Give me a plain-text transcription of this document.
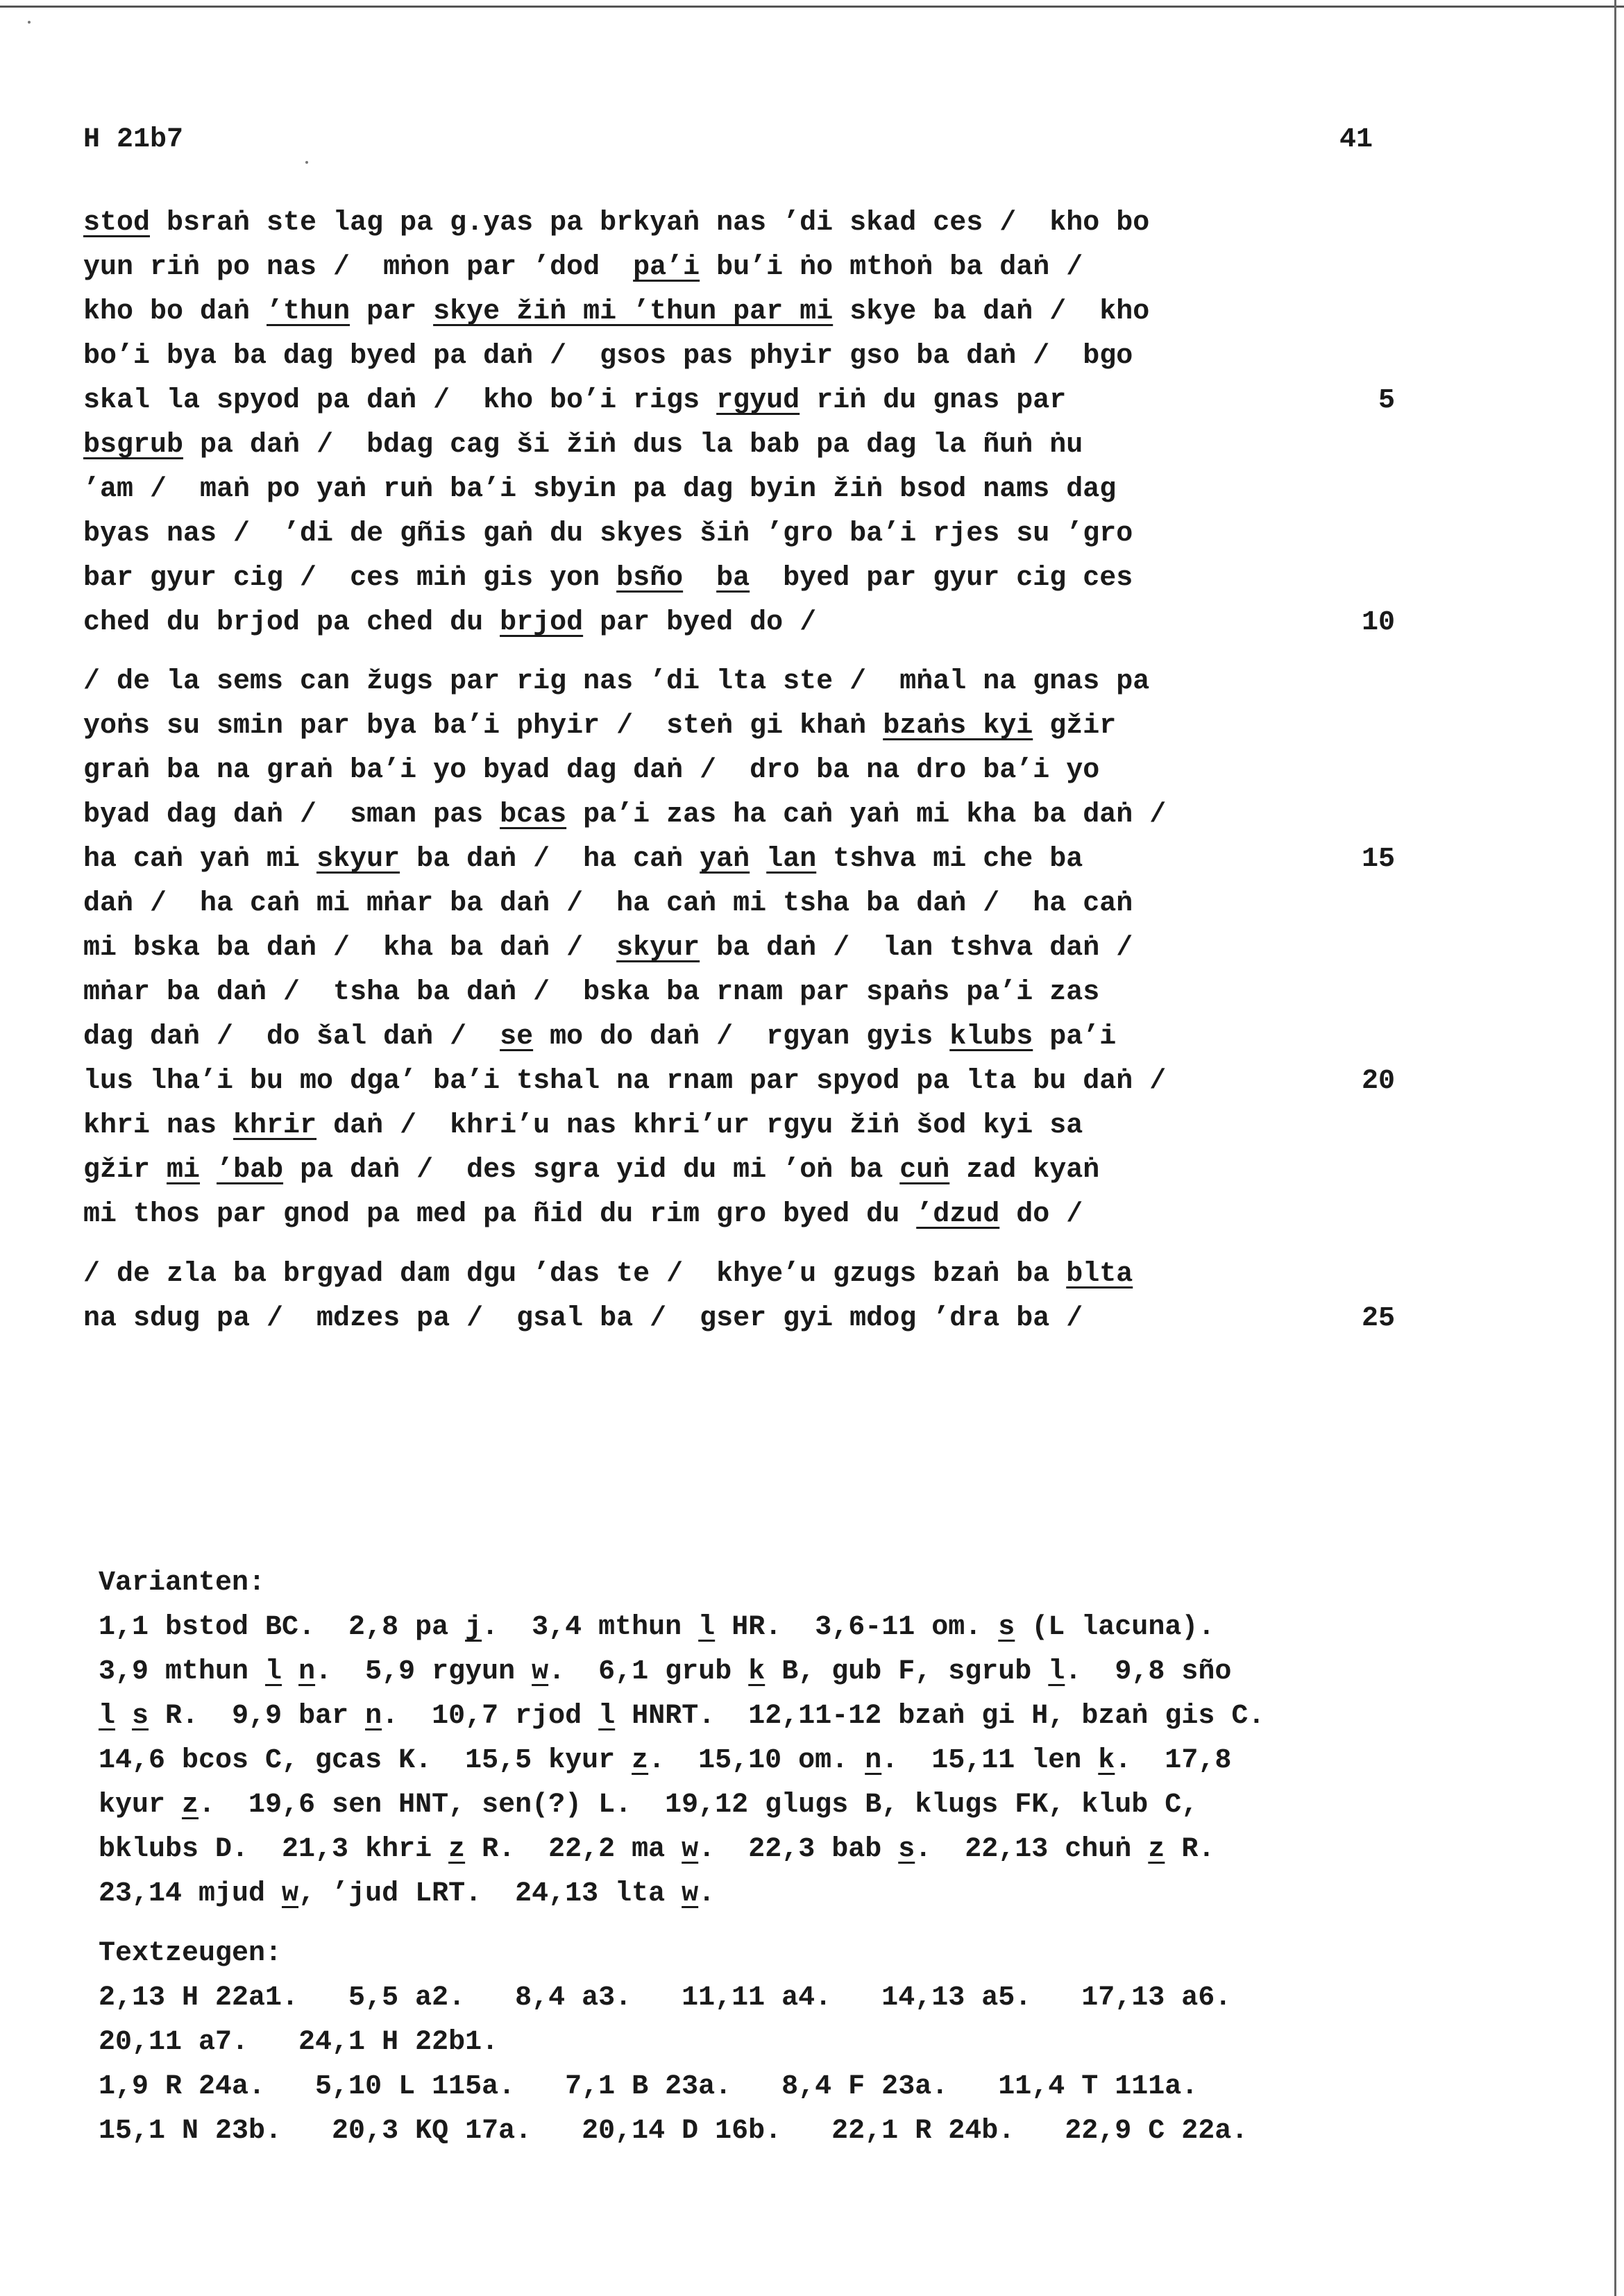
H 21b7	41
stod bsraṅ ste lag pa g.yas pa brkyaṅ nas ’di skad ces /  kho bo
yun riṅ po nas /  mṅon par ’dod  pa’i bu’i ṅo mthoṅ ba daṅ /
kho bo daṅ ’thun par skye žiṅ mi ’thun par mi skye ba daṅ /  kho
bo’i bya ba dag byed pa daṅ /  gsos pas phyir gso ba daṅ /  bgo
skal la spyod pa daṅ /  kho bo’i rigs rgyud riṅ du gnas par
bsgrub pa daṅ /  bdag cag ši žiṅ dus la bab pa dag la ñuṅ ṅu
’am /  maṅ po yaṅ ruṅ ba’i sbyin pa dag byin žiṅ bsod nams dag
byas nas /  ’di de gñis gaṅ du skyes šiṅ ’gro ba’i rjes su ’gro
bar gyur cig /  ces miṅ gis yon bsño ba  byed par gyur cig ces
ched du brjod pa ched du brjod par byed do /
/ de la sems can žugs par rig nas ’di lta ste /  mṅal na gnas pa
yoṅs su smin par bya ba’i phyir /  steṅ gi khaṅ bzaṅs kyi gžir
graṅ ba na graṅ ba’i yo byad dag daṅ /  dro ba na dro ba’i yo
byad dag daṅ /  sman pas bcas pa’i zas ha caṅ yaṅ mi kha ba daṅ /
ha caṅ yaṅ mi skyur ba daṅ /  ha caṅ yaṅ lan tshva mi che ba
daṅ /  ha caṅ mi mṅar ba daṅ /  ha caṅ mi tsha ba daṅ /  ha caṅ
mi bska ba daṅ /  kha ba daṅ /  skyur ba daṅ /  lan tshva daṅ /
mṅar ba daṅ /  tsha ba daṅ /  bska ba rnam par spaṅs pa’i zas
dag daṅ /  do šal daṅ /  se mo do daṅ /  rgyan gyis klubs pa’i
lus lha’i bu mo dga’ ba’i tshal na rnam par spyod pa lta bu daṅ /
khri nas khrir daṅ /  khri’u nas khri’ur rgyu žiṅ šod kyi sa
gžir mi ’bab pa daṅ /  des sgra yid du mi ’oṅ ba cuṅ zad kyaṅ
mi thos par gnod pa med pa ñid du rim gro byed du ’dzud do /
/ de zla ba brgyad dam dgu ’das te /  khye’u gzugs bzaṅ ba blta
na sdug pa /  mdzes pa /  gsal ba /  gser gyi mdog ’dra ba /
5
10
15
20
25
Varianten:
1,1 bstod BC.  2,8 pa j.  3,4 mthun l HR.  3,6-11 om. s (L lacuna).
3,9 mthun l n.  5,9 rgyun w.  6,1 grub k B, gub F, sgrub l.  9,8 sño
l s R.  9,9 bar n.  10,7 rjod l HNRT.  12,11-12 bzaṅ gi H, bzaṅ gis C.
14,6 bcos C, gcas K.  15,5 kyur z.  15,10 om. n.  15,11 len k.  17,8
kyur z.  19,6 sen HNT, sen(?) L.  19,12 glugs B, klugs FK, klub C,
bklubs D.  21,3 khri z R.  22,2 ma w.  22,3 bab s.  22,13 chuṅ z R.
23,14 mjud w, ’jud LRT.  24,13 lta w.
Textzeugen:
2,13 H 22a1.   5,5 a2.   8,4 a3.   11,11 a4.   14,13 a5.   17,13 a6.
20,11 a7.   24,1 H 22b1.
1,9 R 24a.   5,10 L 115a.   7,1 B 23a.   8,4 F 23a.   11,4 T 111a.
15,1 N 23b.   20,3 KQ 17a.   20,14 D 16b.   22,1 R 24b.   22,9 C 22a.
